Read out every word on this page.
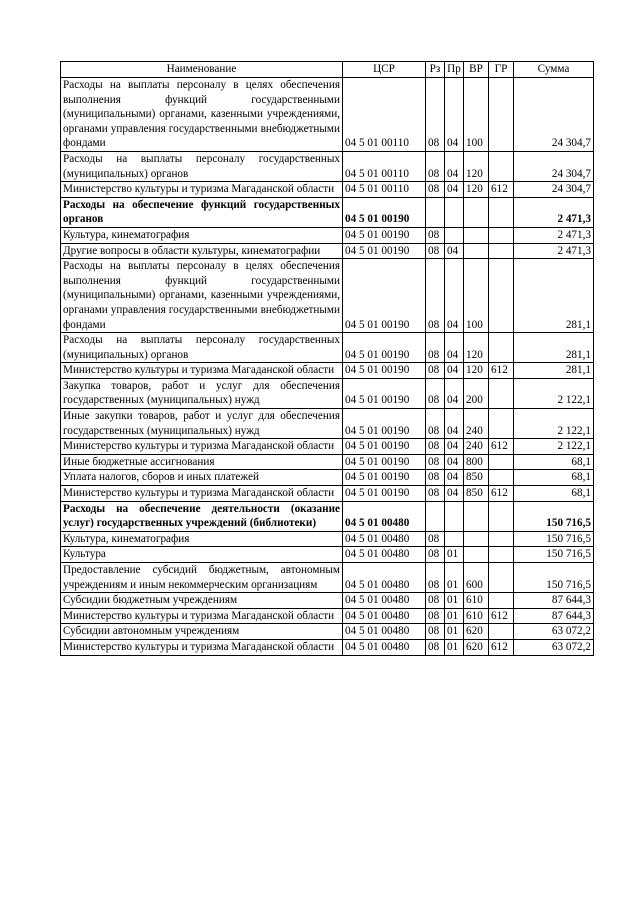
Наименование	ЦСР	Рз	Пр	ВР	ГР	Сумма
Расходы на выплаты персоналу в целях обеспечения выполнения функций государственными (муниципальными) органами, казенными учреждениями, органами управления государственными внебюджетными фондами	04 5 01 00110	08	04	100		24 304,7
Расходы на выплаты персоналу государственных (муниципальных) органов	04 5 01 00110	08	04	120		24 304,7
Министерство культуры и туризма Магаданской области	04 5 01 00110	08	04	120	612	24 304,7
Расходы на обеспечение функций государственных органов	04 5 01 00190					2 471,3
Культура, кинематография	04 5 01 00190	08				2 471,3
Другие вопросы в области культуры, кинематографии	04 5 01 00190	08	04			2 471,3
Расходы на выплаты персоналу в целях обеспечения выполнения функций государственными (муниципальными) органами, казенными учреждениями, органами управления государственными внебюджетными фондами	04 5 01 00190	08	04	100		281,1
Расходы на выплаты персоналу государственных (муниципальных) органов	04 5 01 00190	08	04	120		281,1
Министерство культуры и туризма Магаданской области	04 5 01 00190	08	04	120	612	281,1
Закупка товаров, работ и услуг для обеспечения государственных (муниципальных) нужд	04 5 01 00190	08	04	200		2 122,1
Иные закупки товаров, работ и услуг для обеспечения государственных (муниципальных) нужд	04 5 01 00190	08	04	240		2 122,1
Министерство культуры и туризма Магаданской области	04 5 01 00190	08	04	240	612	2 122,1
Иные бюджетные ассигнования	04 5 01 00190	08	04	800		68,1
Уплата налогов, сборов и иных платежей	04 5 01 00190	08	04	850		68,1
Министерство культуры и туризма Магаданской области	04 5 01 00190	08	04	850	612	68,1
Расходы на обеспечение деятельности (оказание услуг) государственных учреждений (библиотеки)	04 5 01 00480					150 716,5
Культура, кинематография	04 5 01 00480	08				150 716,5
Культура	04 5 01 00480	08	01			150 716,5
Предоставление субсидий бюджетным, автономным учреждениям и иным некоммерческим организациям	04 5 01 00480	08	01	600		150 716,5
Субсидии бюджетным учреждениям	04 5 01 00480	08	01	610		87 644,3
Министерство культуры и туризма Магаданской области	04 5 01 00480	08	01	610	612	87 644,3
Субсидии автономным учреждениям	04 5 01 00480	08	01	620		63 072,2
Министерство культуры и туризма Магаданской области	04 5 01 00480	08	01	620	612	63 072,2
